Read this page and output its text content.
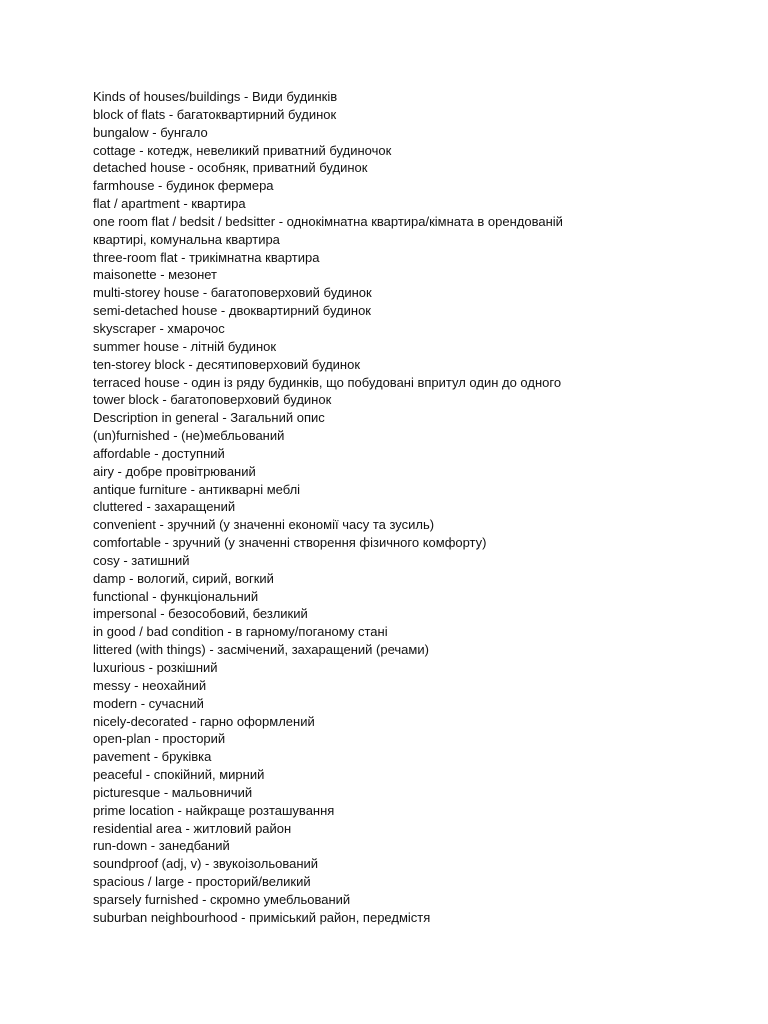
Kinds of houses/buildings - Види будинків
block of flats - багатоквартирний будинок
bungalow - бунгало
cottage - котедж, невеликий приватний будиночок
detached house - особняк, приватний будинок
farmhouse - будинок фермера
flat / apartment - квартира
one room flat / bedsit / bedsitter - однокімнатна квартира/кімната в орендованій
квартирі, комунальна квартира
three-room flat - трикімнатна квартира
maisonette - мезонет
multi-storey house - багатоповерховий будинок
semi-detached house - двоквартирний будинок
skyscraper - хмарочос
summer house - літній будинок
ten-storey block - десятиповерховий будинок
terraced house - один із ряду будинків, що побудовані впритул один до одного
tower block - багатоповерховий будинок
Description in general - Загальний опис
(un)furnished - (не)мебльований
affordable - доступний
airy - добре провітрюваний
antique furniture - антикварні меблі
cluttered - захаращений
convenient - зручний (у значенні економії часу та зусиль)
comfortable - зручний (у значенні створення фізичного комфорту)
cosy - затишний
damp - вологий, сирий, вогкий
functional - функціональний
impersonal - безособовий, безликий
in good / bad condition - в гарному/поганому стані
littered (with things) - засмічений, захаращений (речами)
luxurious - розкішний
messy - неохайний
modern - сучасний
nicely-decorated - гарно оформлений
open-plan - просторий
pavement - бруківка
peaceful - спокійний, мирний
picturesque - мальовничий
prime location - найкраще розташування
residential area - житловий район
run-down - занедбаний
soundproof (adj, v) - звукоізольований
spacious / large - просторий/великий
sparsely furnished - скромно умебльований
suburban neighbourhood - приміський район, передмістя
